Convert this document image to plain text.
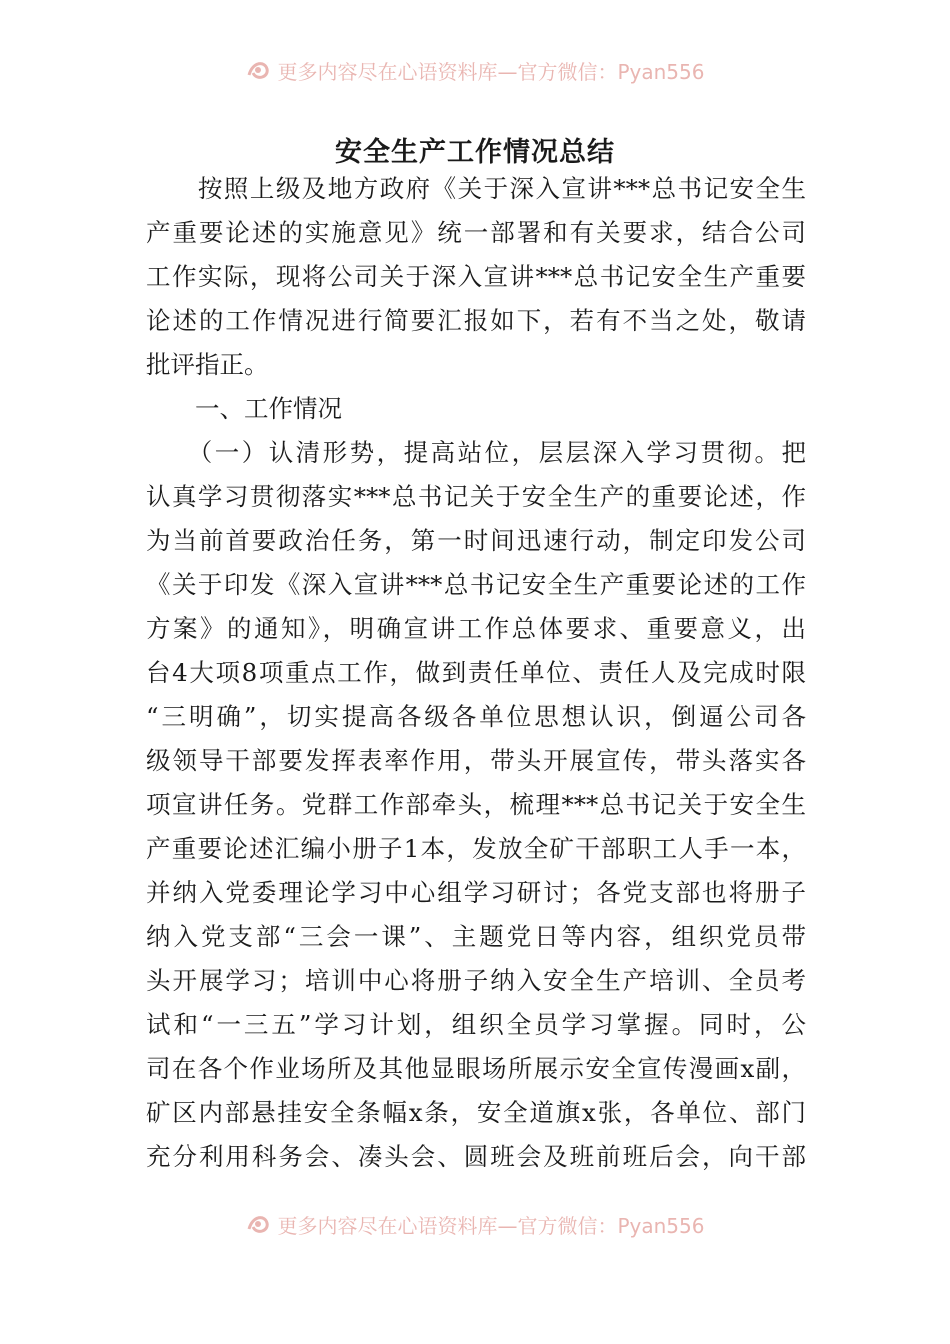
更多内容尽在心语资料库—官方微信：Pyan556
安全生产工作情况总结
　　按照上级及地方政府《关于深入宣讲***总书记安全生
产重要论述的实施意见》统一部署和有关要求，结合公司
工作实际，现将公司关于深入宣讲***总书记安全生产重要
论述的工作情况进行简要汇报如下，若有不当之处，敬请
批评指正。
　　一、工作情况
　　（一）认清形势，提高站位，层层深入学习贯彻。把
认真学习贯彻落实***总书记关于安全生产的重要论述，作
为当前首要政治任务，第一时间迅速行动，制定印发公司
《关于印发《深入宣讲***总书记安全生产重要论述的工作
方案》的通知》，明确宣讲工作总体要求、重要意义，出
台4大项8项重点工作，做到责任单位、责任人及完成时限
“三明确”，切实提高各级各单位思想认识，倒逼公司各
级领导干部要发挥表率作用，带头开展宣传，带头落实各
项宣讲任务。党群工作部牵头，梳理***总书记关于安全生
产重要论述汇编小册子1本，发放全矿干部职工人手一本，
并纳入党委理论学习中心组学习研讨；各党支部也将册子
纳入党支部“三会一课”、主题党日等内容，组织党员带
头开展学习；培训中心将册子纳入安全生产培训、全员考
试和“一三五”学习计划，组织全员学习掌握。同时，公
司在各个作业场所及其他显眼场所展示安全宣传漫画x副，
矿区内部悬挂安全条幅x条，安全道旗x张，各单位、部门
充分利用科务会、凑头会、圆班会及班前班后会，向干部
更多内容尽在心语资料库—官方微信：Pyan556
